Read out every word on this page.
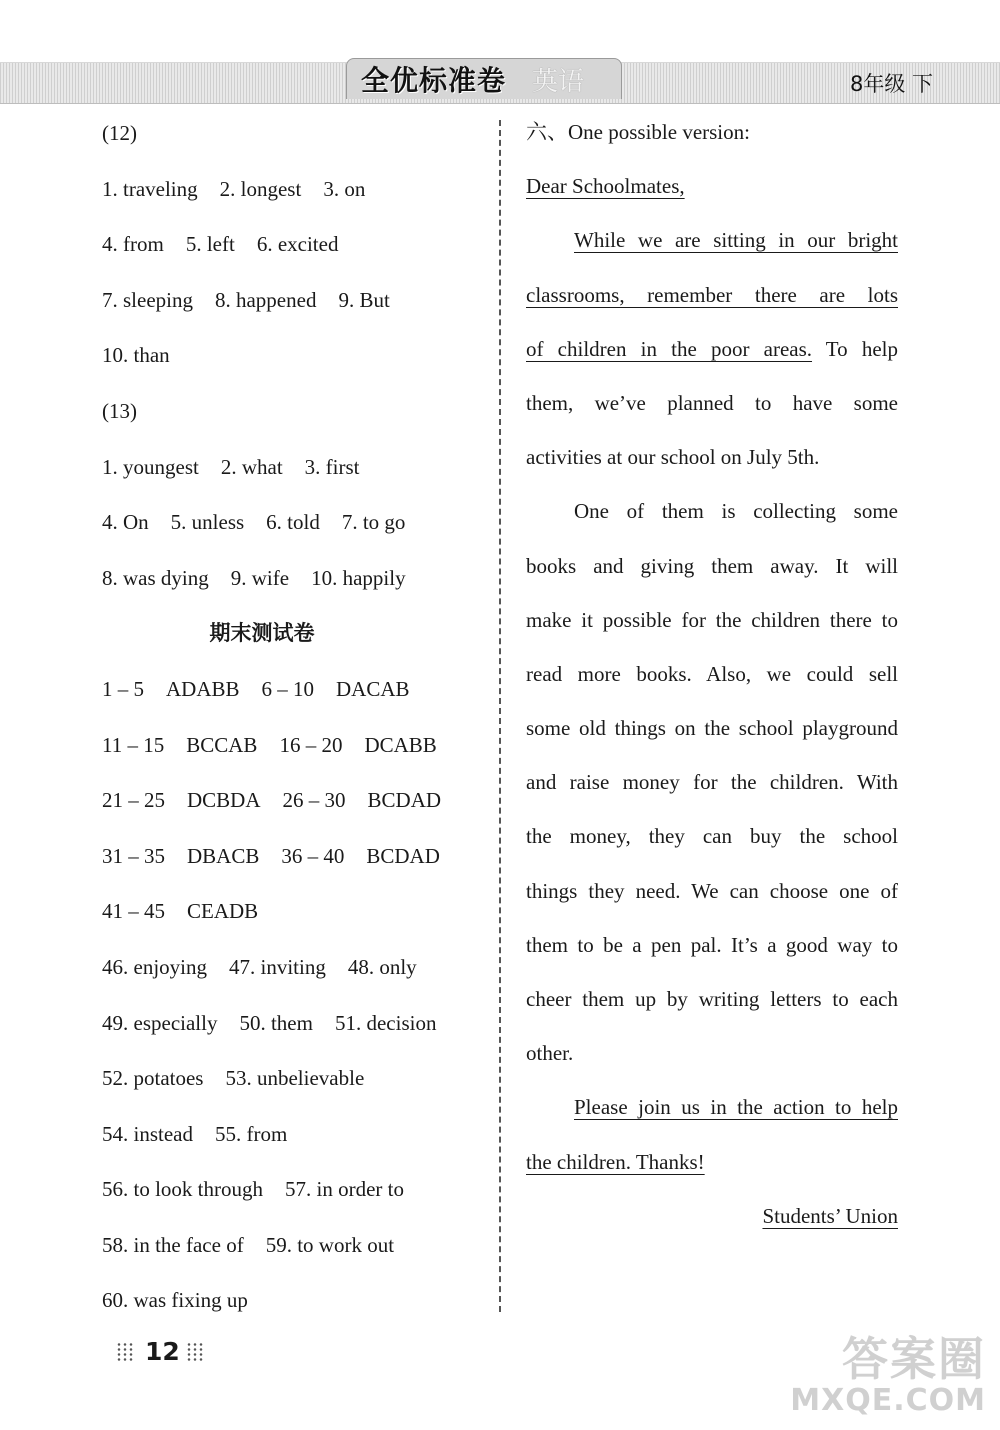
全优标准卷 英语	8年级 下
(12)
1. traveling 2. longest 3. on
4. from 5. left 6. excited
7. sleeping 8. happened 9. But
10. than
(13)
1. youngest 2. what 3. first
4. On 5. unless 6. told 7. to go
8. was dying 9. wife 10. happily
期末测试卷
1 – 5 ADABB 6 – 10 DACAB
11 – 15 BCCAB 16 – 20 DCABB
21 – 25 DCBDA 26 – 30 BCDAD
31 – 35 DBACB 36 – 40 BCDAD
41 – 45 CEADB
46. enjoying 47. inviting 48. only
49. especially 50. them 51. decision
52. potatoes 53. unbelievable
54. instead 55. from
56. to look through 57. in order to
58. in the face of 59. to work out
60. was fixing up
六、One possible version:
Dear Schoolmates,
While we are sitting in our bright
classrooms, remember there are lots
of children in the poor areas. To help
them, we’ve planned to have some
activities at our school on July 5th.
One of them is collecting some
books and giving them away. It will
make it possible for the children there to
read more books. Also, we could sell
some old things on the school playground
and raise money for the children. With
the money, they can buy the school
things they need. We can choose one of
them to be a pen pal. It’s a good way to
cheer them up by writing letters to each
other.
Please join us in the action to help
the children. Thanks!
Students’ Union
12	答案圈
MXQE.COM
